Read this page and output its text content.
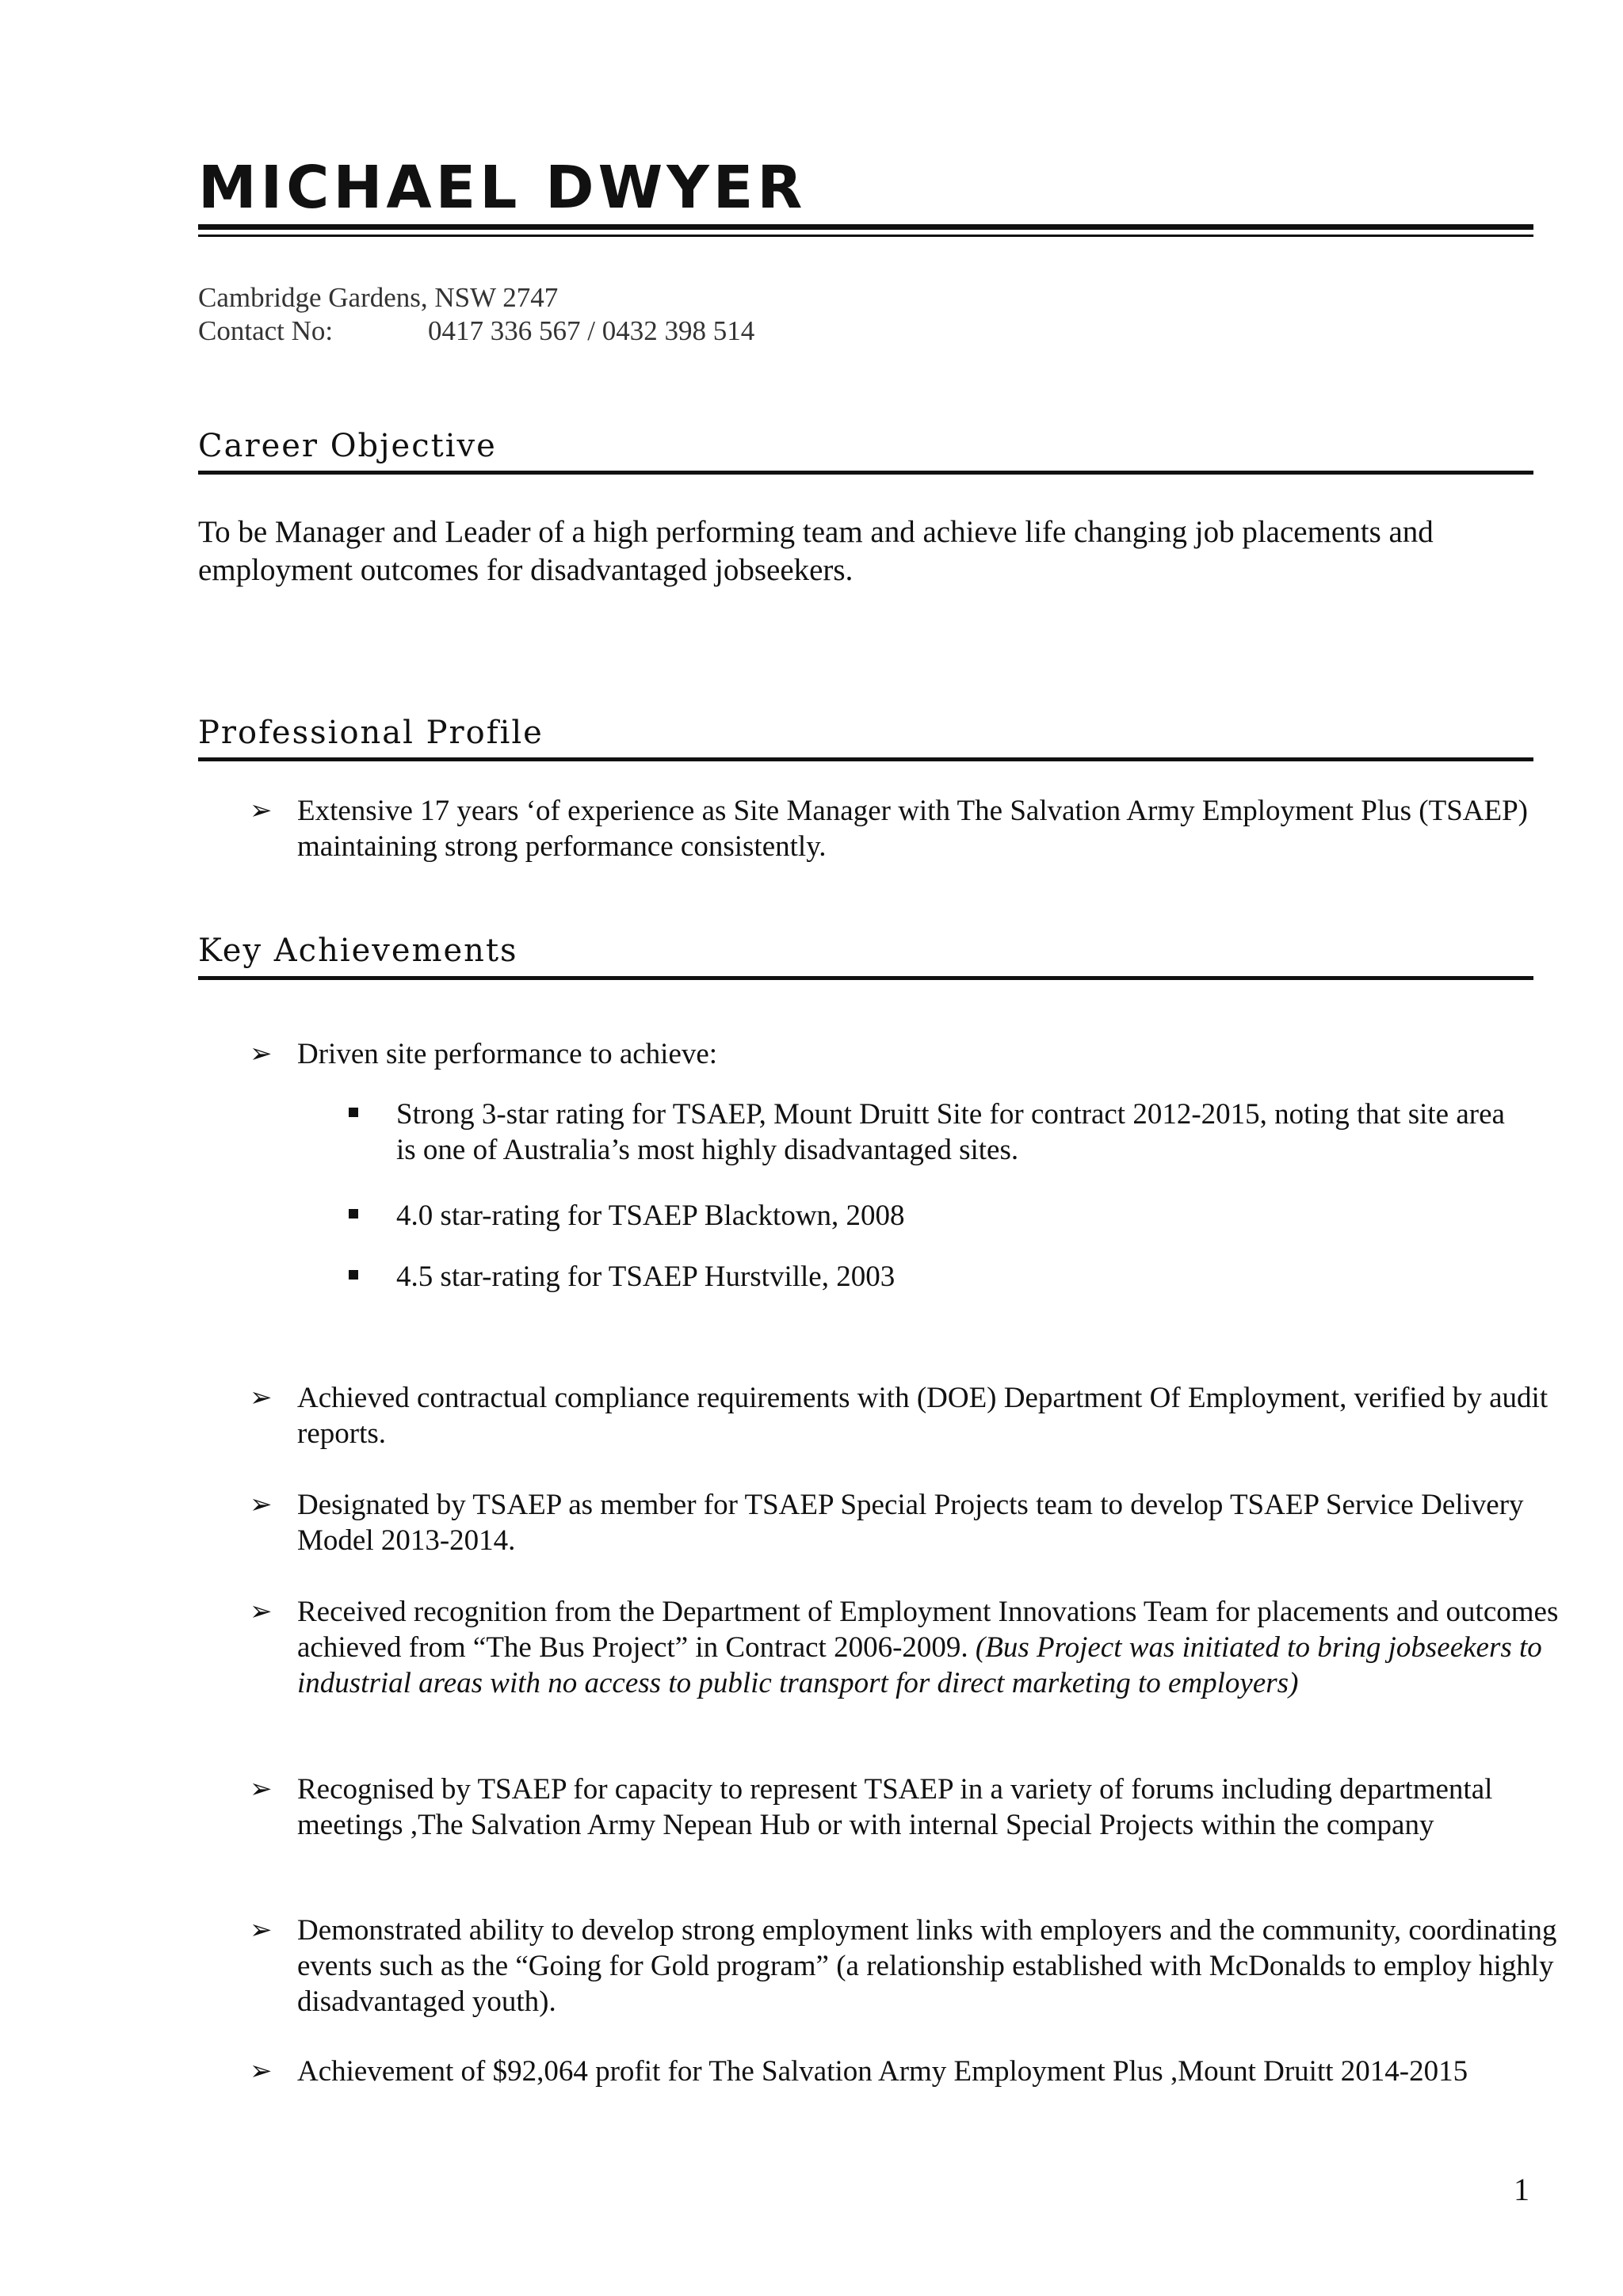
MICHAEL DWYER
Cambridge Gardens, NSW 2747
Contact No:	0417 336 567 / 0432 398 514
Career Objective

To be Manager and Leader of a high performing team and achieve life changing job placements and employment outcomes for disadvantaged jobseekers.

Professional Profile
➢ Extensive 17 years ‘of experience as Site Manager with The Salvation Army Employment Plus (TSAEP) maintaining strong performance consistently.
Key Achievements
➢ Driven site performance to achieve:
Strong 3-star rating for TSAEP, Mount Druitt Site for contract 2012-2015, noting that site area is one of Australia’s most highly disadvantaged sites.
4.0 star-rating for TSAEP Blacktown, 2008
4.5 star-rating for TSAEP Hurstville, 2003
➢ Achieved contractual compliance requirements with (DOE) Department Of Employment, verified by audit reports.
➢ Designated by TSAEP as member for TSAEP Special Projects team to develop TSAEP Service Delivery Model 2013-2014.
➢ Received recognition from the Department of Employment Innovations Team for placements and outcomes achieved from “The Bus Project” in Contract 2006-2009. (Bus Project was initiated to bring jobseekers to industrial areas with no access to public transport for direct marketing to employers)
➢ Recognised by TSAEP for capacity to represent TSAEP in a variety of forums including departmental meetings ,The Salvation Army Nepean Hub or with internal Special Projects within the company
➢ Demonstrated ability to develop strong employment links with employers and the community, coordinating events such as the “Going for Gold program” (a relationship established with McDonalds to employ highly disadvantaged youth).
➢ Achievement of $92,064 profit for The Salvation Army Employment Plus ,Mount Druitt 2014-2015
1
